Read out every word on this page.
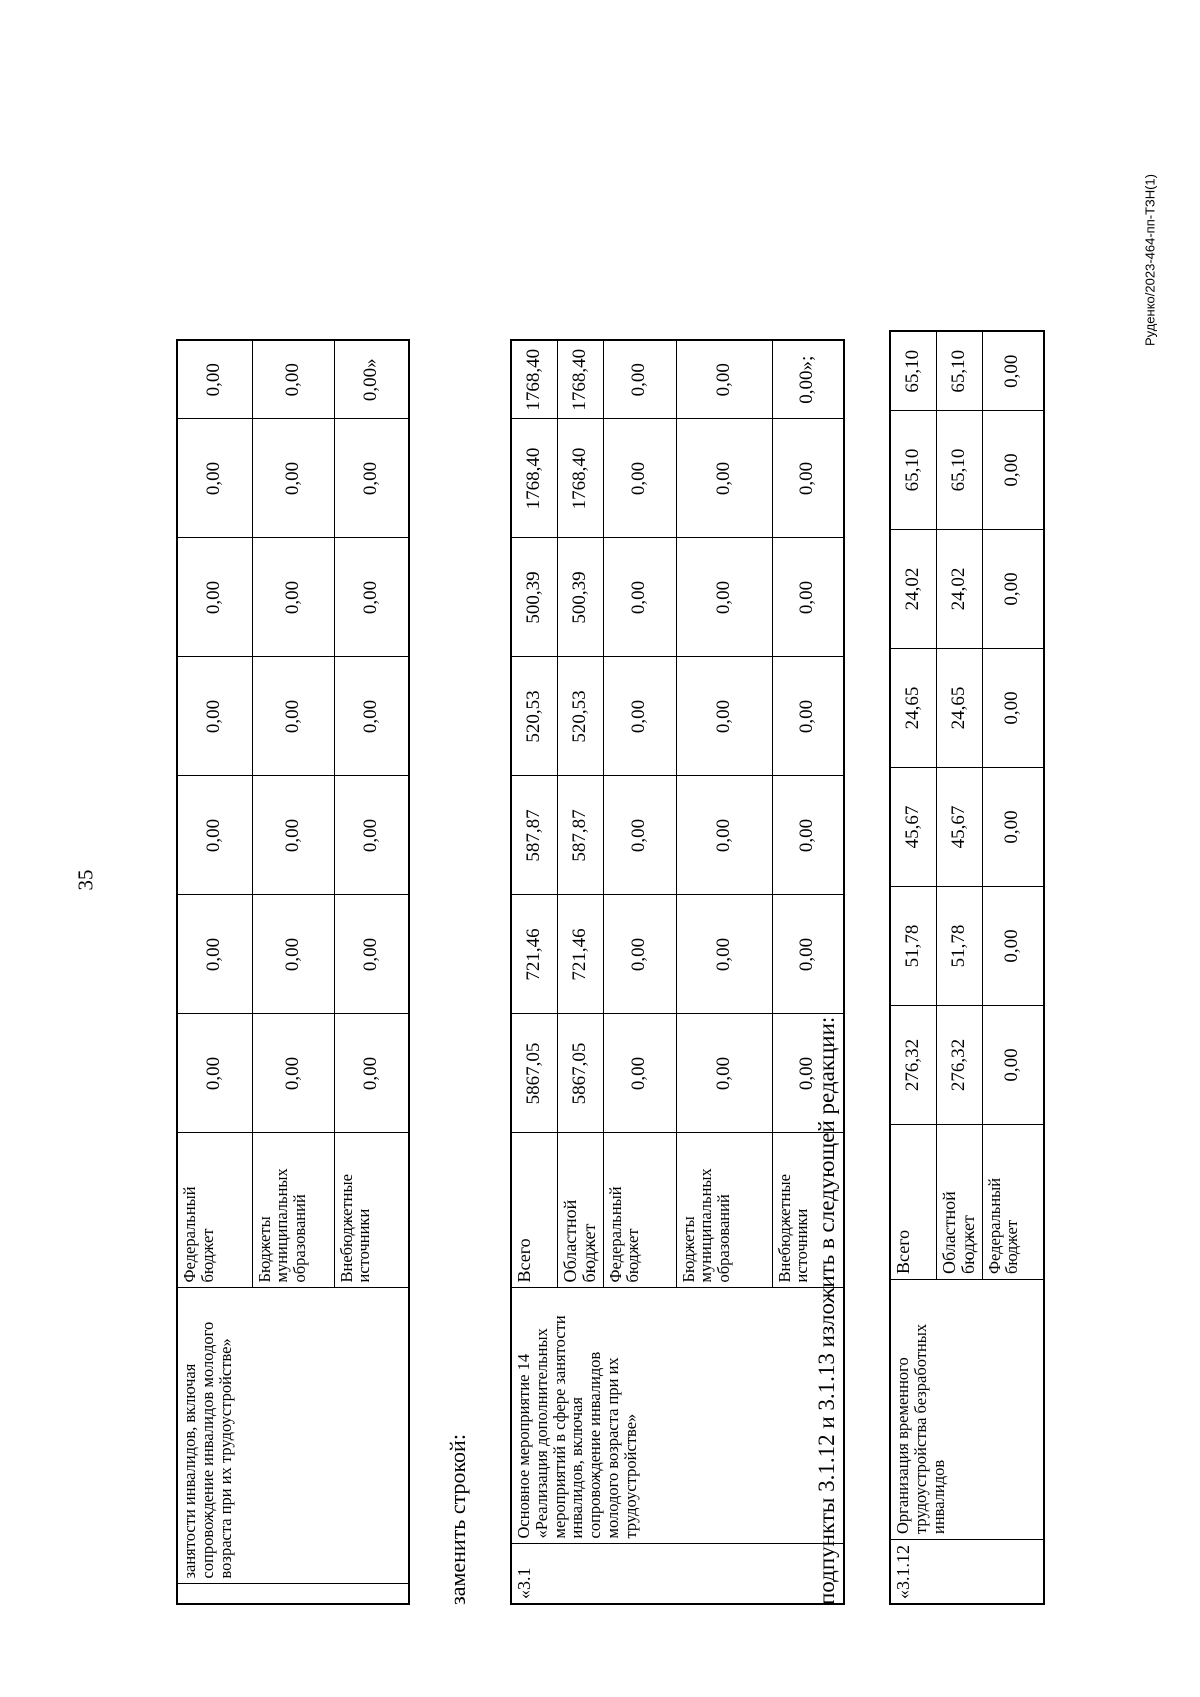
35
Руденко/2023-464-пп-ТЗН(1)
	занятости инвалидов, включая сопровождение инвалидов молодого возраста при их трудоустройстве»	Федеральный бюджет	0,00	0,00	0,00	0,00	0,00	0,00	0,00
		Бюджеты муниципальных образований	0,00	0,00	0,00	0,00	0,00	0,00	0,00
		Внебюджетные источники	0,00	0,00	0,00	0,00	0,00	0,00	0,00»
заменить строкой: «3.1	Основное мероприятие 14 «Реализация дополнительных мероприятий в сфере занятости инвалидов, включая сопровождение инвалидов молодого возраста при их трудоустройстве»	Всего	5867,05	721,46	587,87	520,53	500,39	1768,40	1768,40
		Областной бюджет	5867,05	721,46	587,87	520,53	500,39	1768,40	1768,40
		Федеральный бюджет	0,00	0,00	0,00	0,00	0,00	0,00	0,00
		Бюджеты муниципальных образований	0,00	0,00	0,00	0,00	0,00	0,00	0,00
		Внебюджетные источники	0,00	0,00	0,00	0,00	0,00	0,00	0,00»;
подпункты 3.1.12 и 3.1.13 изложить в следующей редакции:	«3.1.12	Организация временного трудоустройства безработных инвалидов	Всего	276,32	51,78	45,67	24,65	24,02	65,10	65,10
		Областной бюджет	276,32	51,78	45,67	24,65	24,02	65,10	65,10
		Федеральный бюджет	0,00	0,00	0,00	0,00	0,00	0,00	0,00
